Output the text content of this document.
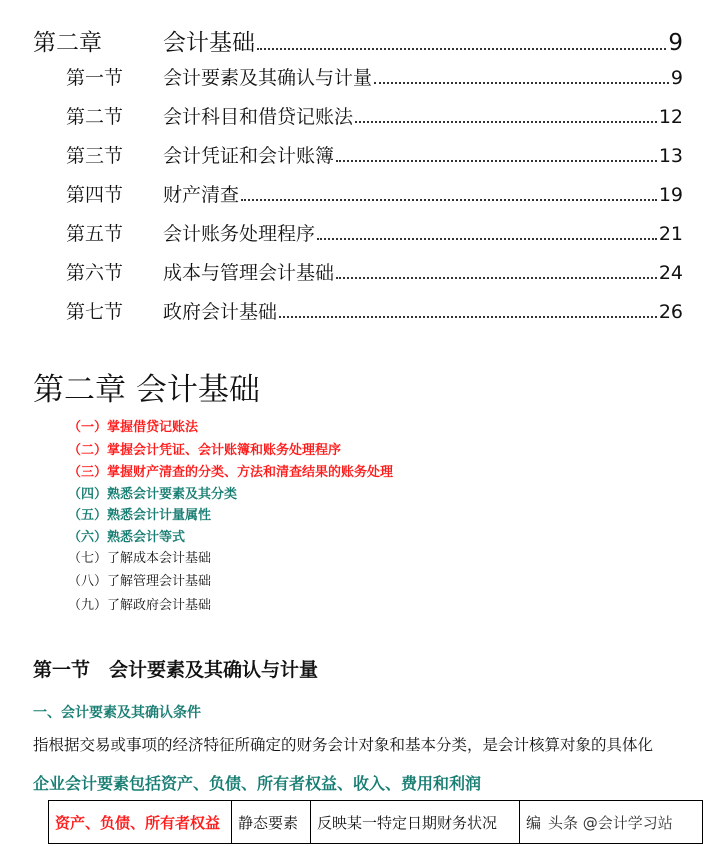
第二章	会计基础	9
第一节 会计要素及其确认与计量	9
第二节 会计科目和借贷记账法	12
第三节 会计凭证和会计账簿	13
第四节 财产清查	19
第五节 会计账务处理程序	21
第六节 成本与管理会计基础	24
第七节 政府会计基础	26
第二章 会计基础
（一）掌握借贷记账法
（二）掌握会计凭证、会计账簿和账务处理程序
（三）掌握财产清查的分类、方法和清查结果的账务处理
（四）熟悉会计要素及其分类
（五）熟悉会计计量属性
（六）熟悉会计等式
（七）了解成本会计基础
（八）了解管理会计基础
（九）了解政府会计基础
第一节　会计要素及其确认与计量
一、会计要素及其确认条件
指根据交易或事项的经济特征所确定的财务会计对象和基本分类，是会计核算对象的具体化
企业会计要素包括资产、负债、所有者权益、收入、费用和利润
资产、负债、所有者权益	静态要素	反映某一特定日期财务状况	编 头条 @会计学习站
